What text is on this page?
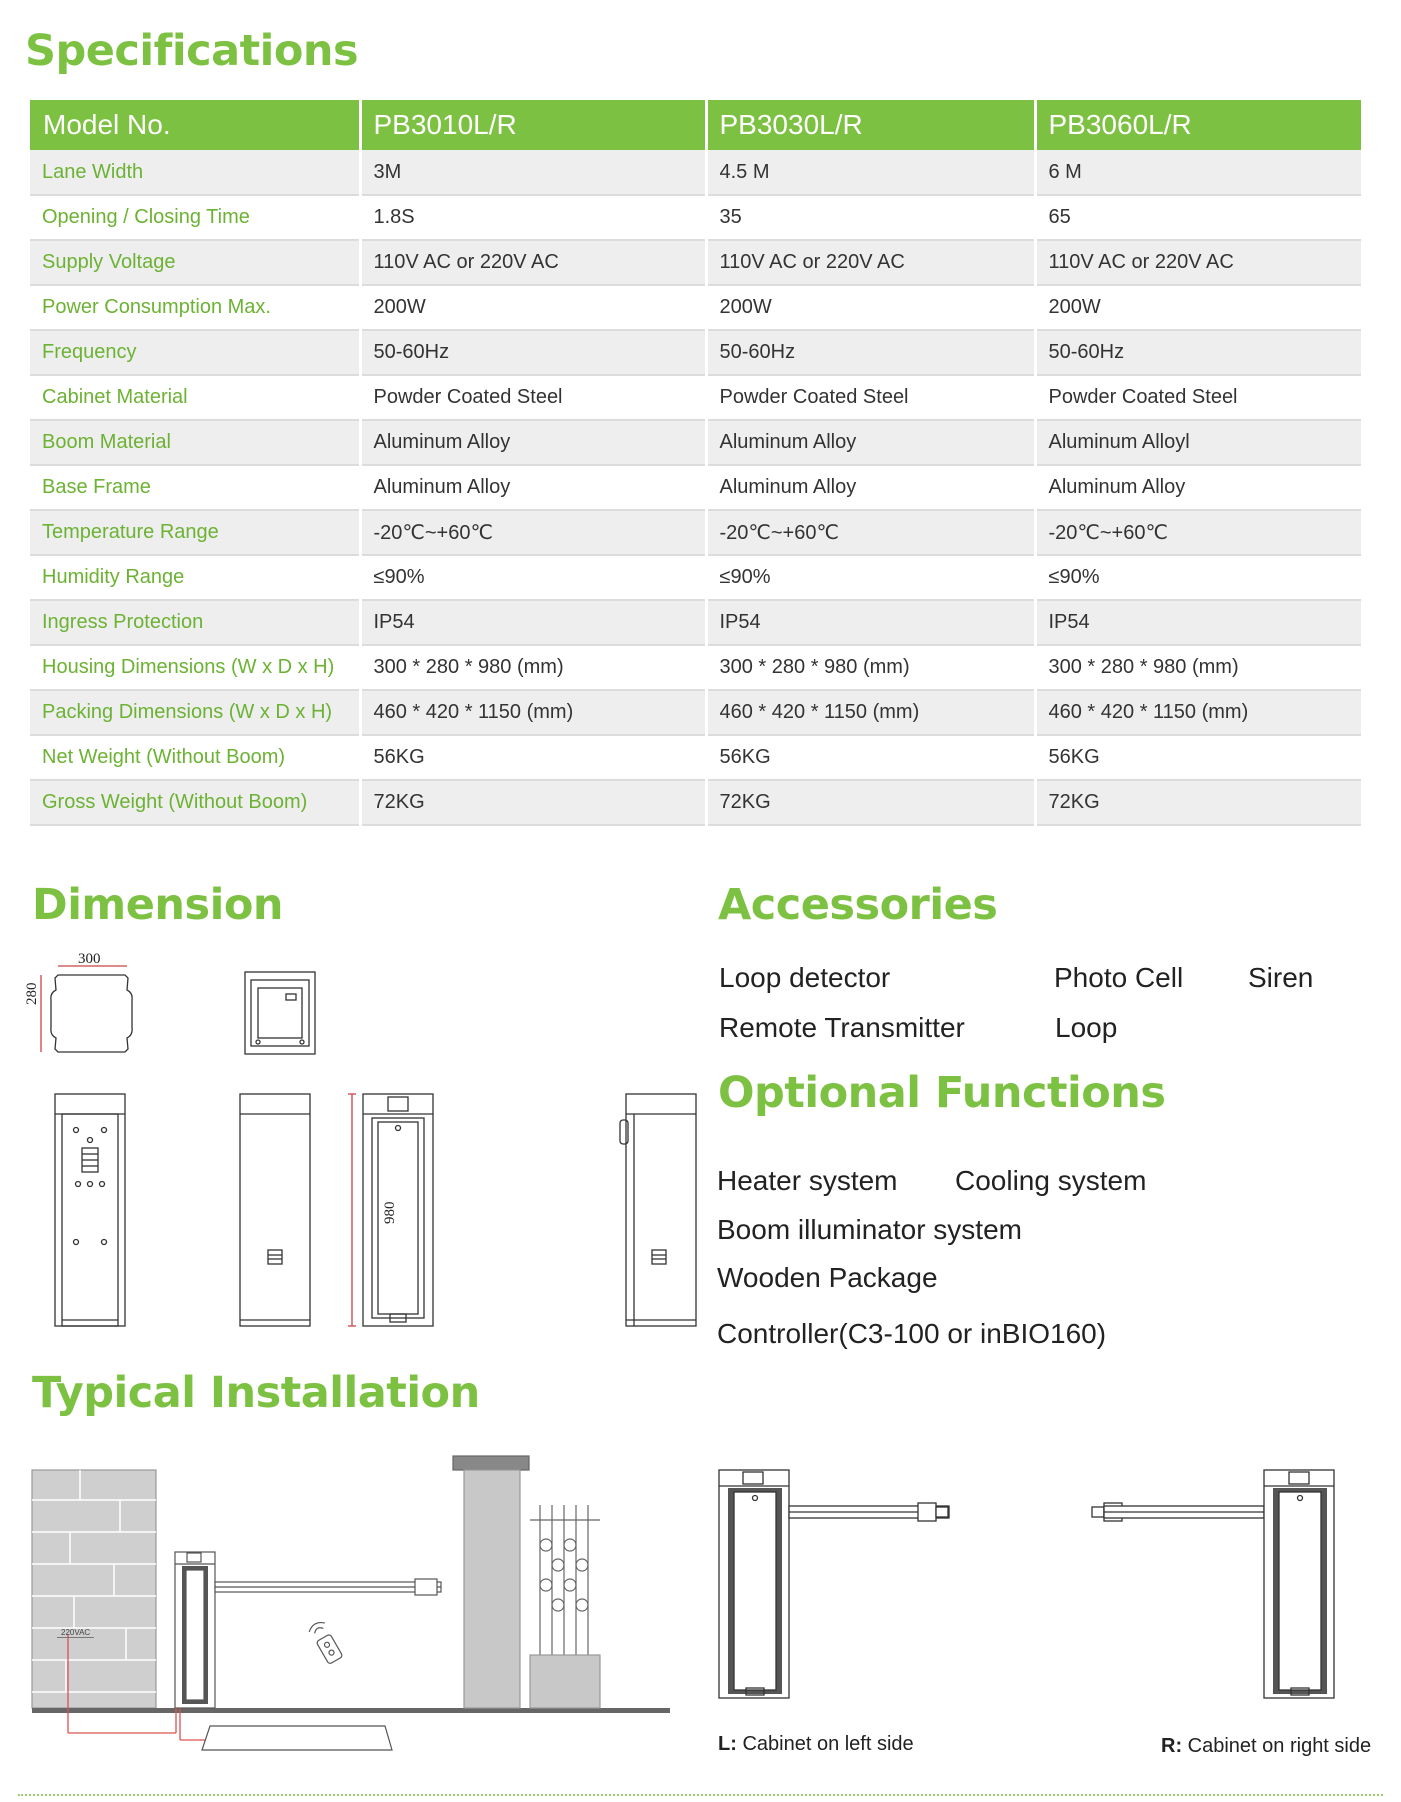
Specifications
Model No.	PB3010L/R	PB3030L/R	PB3060L/R
Lane Width	3M	4.5 M	6 M
Opening / Closing Time	1.8S	35	65
Supply Voltage	110V AC or 220V AC	110V AC or 220V AC	110V AC or 220V AC
Power Consumption Max.	200W	200W	200W
Frequency	50-60Hz	50-60Hz	50-60Hz
Cabinet Material	Powder Coated Steel	Powder Coated Steel	Powder Coated Steel
Boom Material	Aluminum Alloy	Aluminum Alloy	Aluminum Alloyl
Base Frame	Aluminum Alloy	Aluminum Alloy	Aluminum Alloy
Temperature Range	-20℃~+60℃	-20℃~+60℃	-20℃~+60℃
Humidity Range	≤90%	≤90%	≤90%
Ingress Protection	IP54	IP54	IP54
Housing Dimensions (W x D x H)	300 * 280 * 980 (mm)	300 * 280 * 980 (mm)	300 * 280 * 980 (mm)
Packing Dimensions (W x D x H)	460 * 420 * 1150 (mm)	460 * 420 * 1150 (mm)	460 * 420 * 1150 (mm)
Net Weight (Without Boom)	56KG	56KG	56KG
Gross Weight (Without Boom)	72KG	72KG	72KG
Dimension
300
280
980
Accessories
Loop detector	Photo Cell Siren
Remote Transmitter	Loop
Optional Functions
Heater system Cooling system
Boom illuminator system
Wooden Package
Controller(C3-100 or inBIO160)
Typical Installation
220VAC
L: Cabinet on left side	R: Cabinet on right side
